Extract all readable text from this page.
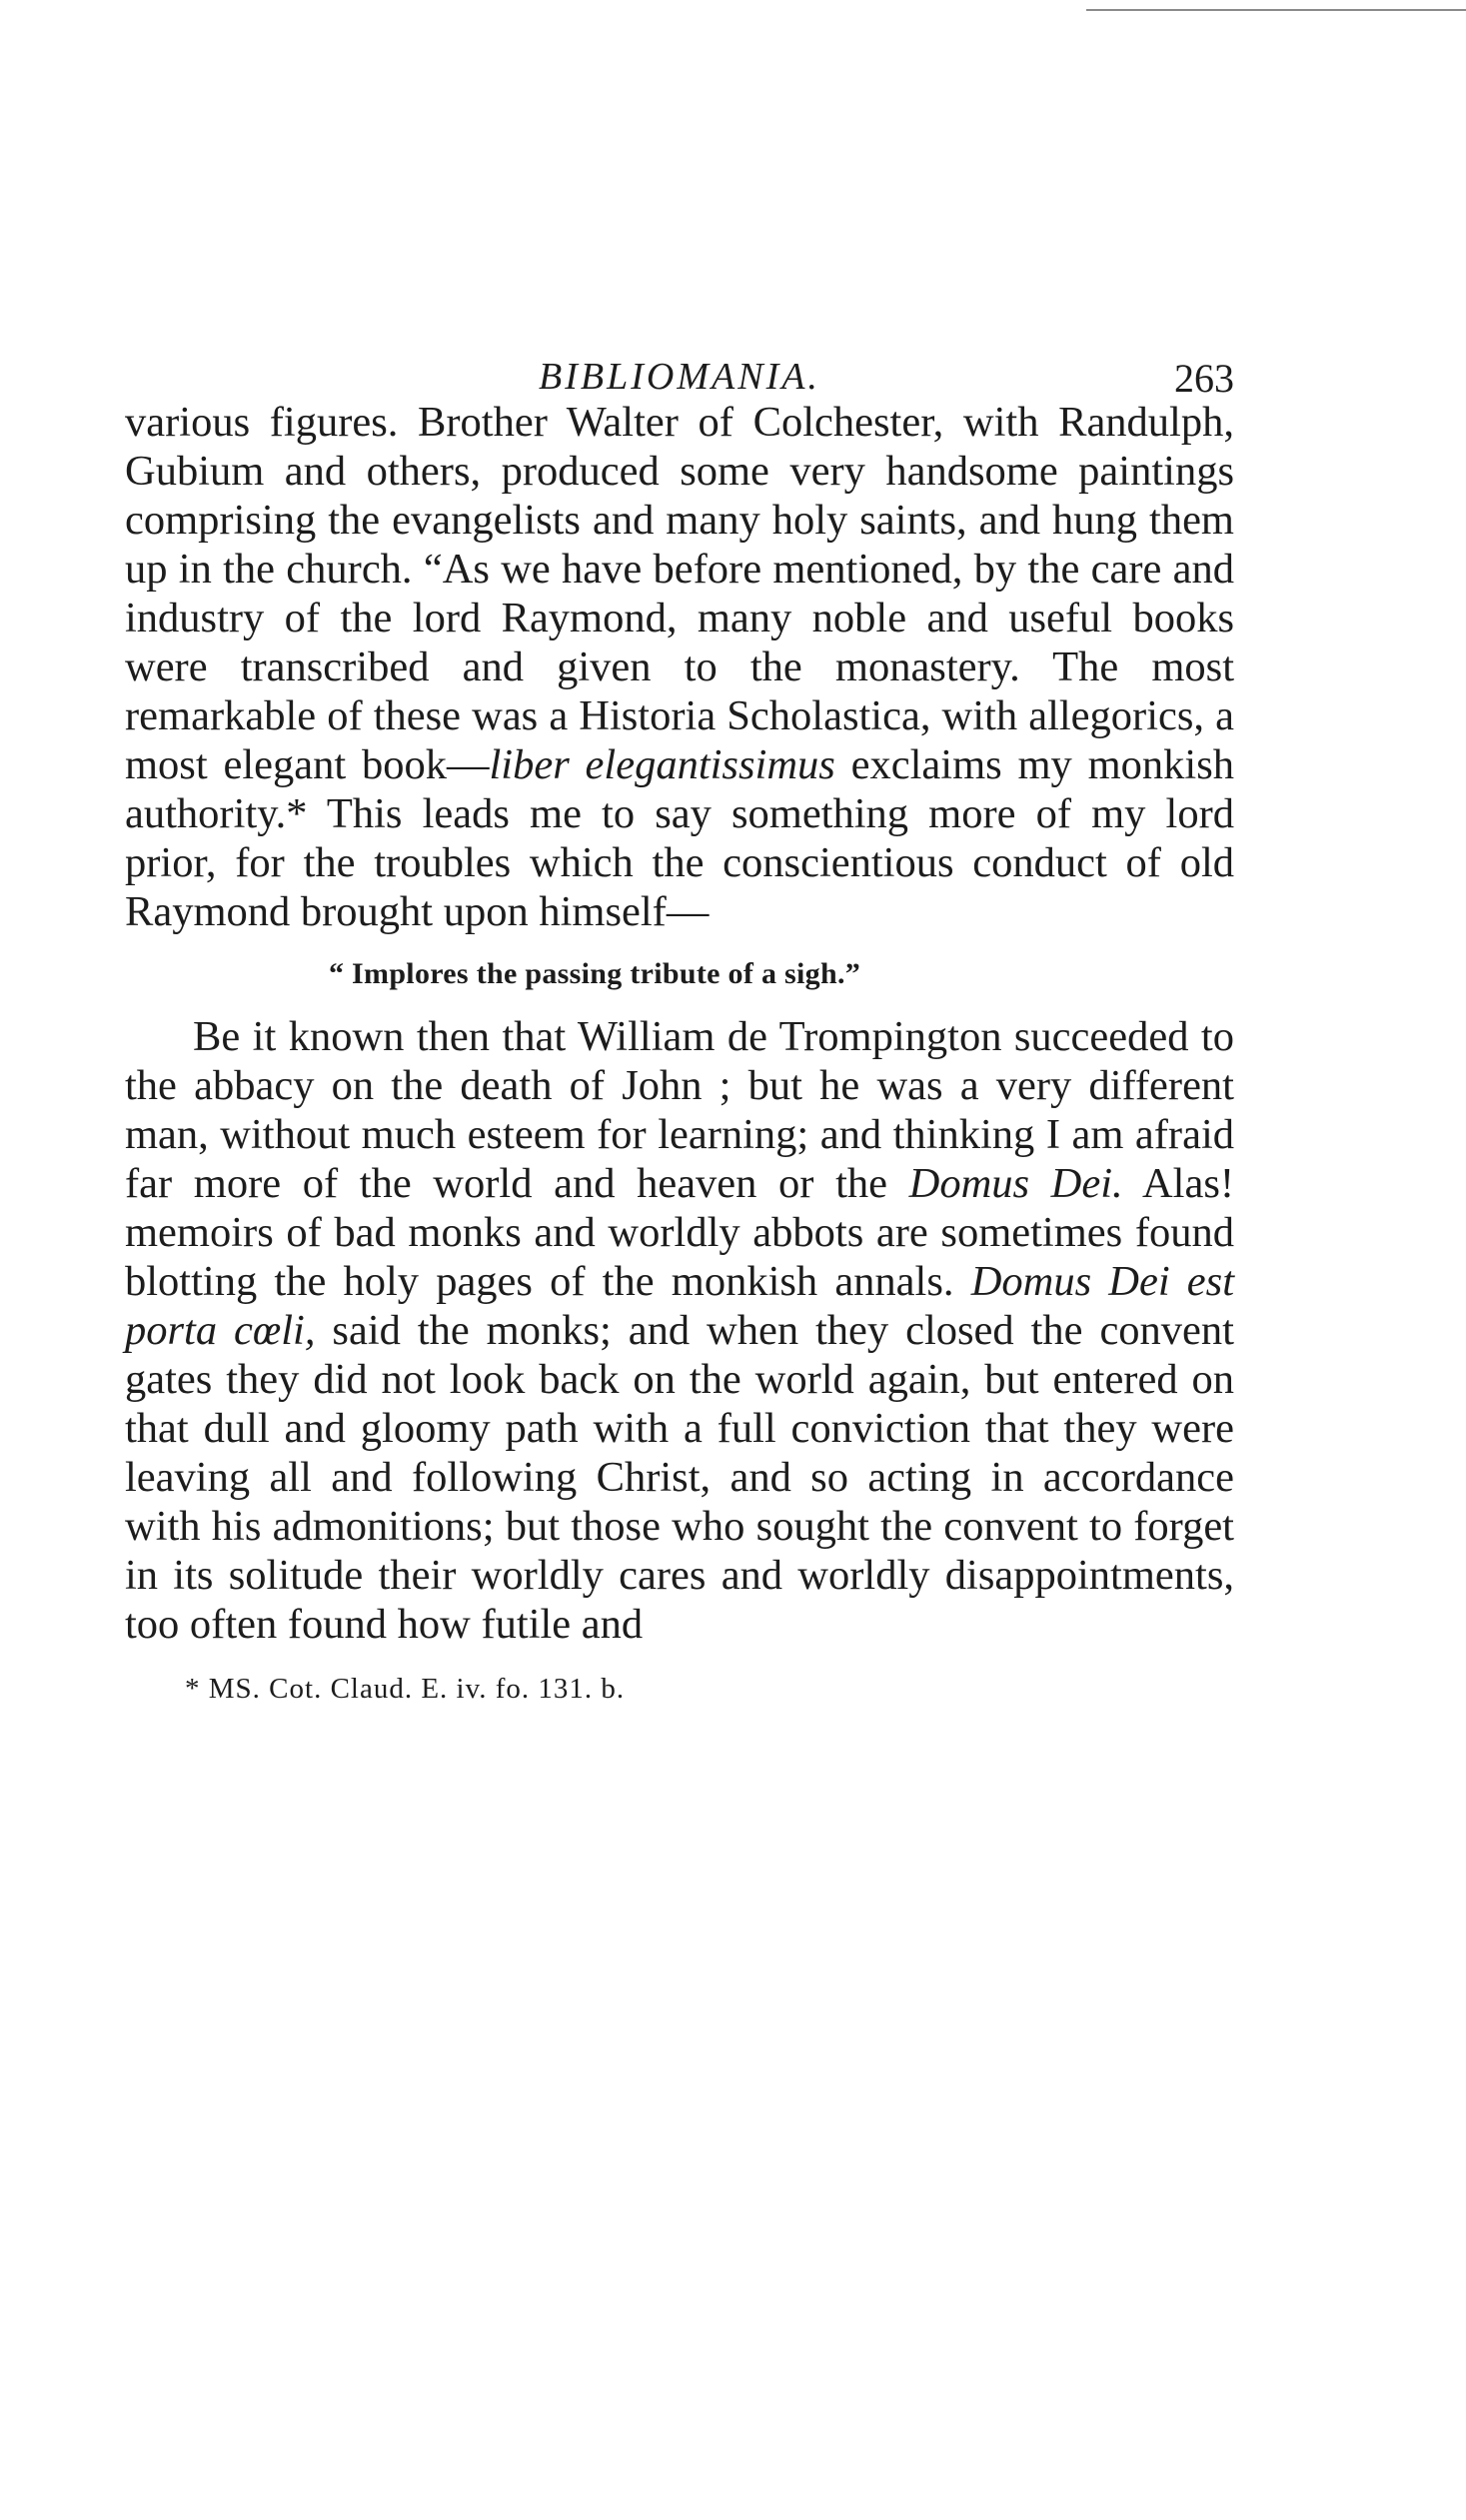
BIBLIOMANIA.	263

various figures. Brother Walter of Colchester, with Randulph, Gubium and others, produced some very handsome paintings comprising the evangelists and many holy saints, and hung them up in the church. “As we have before mentioned, by the care and industry of the lord Raymond, many noble and useful books were transcribed and given to the monastery. The most remarkable of these was a Historia Scholastica, with allegorics, a most elegant book—liber elegantissimus exclaims my monkish authority.* This leads me to say something more of my lord prior, for the troubles which the conscientious conduct of old Raymond brought upon himself—

“ Implores the passing tribute of a sigh.”

Be it known then that William de Trompington succeeded to the abbacy on the death of John ; but he was a very different man, without much esteem for learning; and thinking I am afraid far more of the world and heaven or the Domus Dei. Alas! memoirs of bad monks and worldly abbots are sometimes found blotting the holy pages of the monkish annals. Domus Dei est porta cœli, said the monks; and when they closed the convent gates they did not look back on the world again, but entered on that dull and gloomy path with a full conviction that they were leaving all and following Christ, and so acting in accordance with his admonitions; but those who sought the convent to forget in its solitude their worldly cares and worldly disappointments, too often found how futile and

* MS. Cot. Claud. E. iv. fo. 131. b.
